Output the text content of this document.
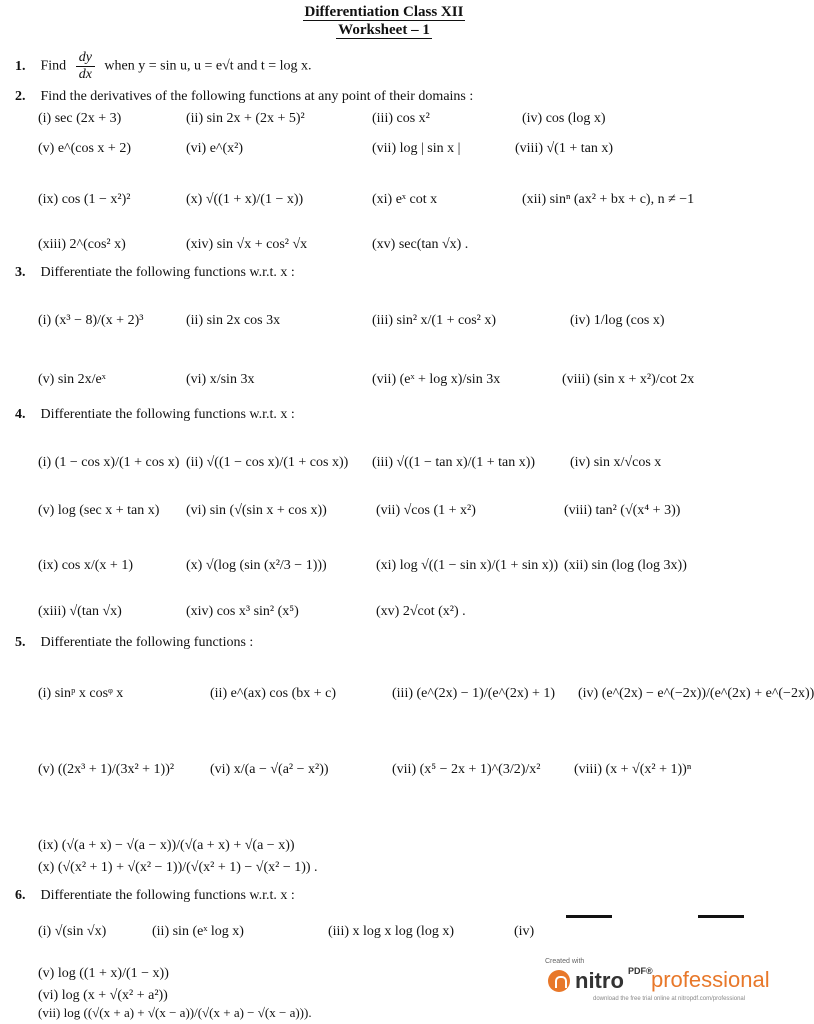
Differentiation Class XII
Worksheet – 1
1. Find $\frac{dy}{dx}$ when y = sin u, u = e√t and t = log x.
2. Find the derivatives of the following functions at any point of their domains :
(i) sec (2x + 3)	(ii) sin 2x + (2x + 5)²	(iii) cos x²	(iv) cos (log x)
(v) e^(cos x + 2)	(vi) e^(x²)	(vii) log | sin x |	(viii) √(1 + tan x)
(ix) cos (1 − x²)²	(x) √((1 + x)/(1 − x))	(xi) eˣ cot x	(xii) sinⁿ (ax² + bx + c), n ≠ −1
(xiii) 2^(cos² x)	(xiv) sin √x + cos² √x	(xv) sec(tan √x) .
3. Differentiate the following functions w.r.t. x :
(i) (x³ − 8)/(x + 2)³	(ii) sin 2x cos 3x	(iii) sin² x/(1 + cos² x)	(iv) 1/log (cos x)
(v) sin 2x/eˣ	(vi) x/sin 3x	(vii) (eˣ + log x)/sin 3x	(viii) (sin x + x²)/cot 2x
4. Differentiate the following functions w.r.t. x :
(i) (1 − cos x)/(1 + cos x) (ii) √((1 − cos x)/(1 + cos x)) (iii) √((1 − tan x)/(1 + tan x)) (iv) sin x/√cos x
(v) log (sec x + tan x) (vi) sin (√(sin x + cos x))	(vii) √cos (1 + x²)	(viii) tan² (√(x⁴ + 3))
(ix) cos x/(x + 1)	(x) √(log (sin (x²/3 − 1)))	(xi) log √((1 − sin x)/(1 + sin x)) (xii) sin (log (log 3x))
(xiii) √(tan √x)	(xiv) cos x³ sin² (x⁵)	(xv) 2√cot (x²) .
5. Differentiate the following functions :
(i) sinᵖ x cosᵠ x	(ii) e^(ax) cos (bx + c)	(iii) (e^(2x) − 1)/(e^(2x) + 1) (iv) (e^(2x) − e^(−2x))/(e^(2x) + e^(−2x))
(v) ((2x³ + 1)/(3x² + 1))²	(vi) x/(a − √(a² − x²))	(vii) (x⁵ − 2x + 1)^(3/2)/x² (viii) (x + √(x² + 1))ⁿ
(ix) (√(a + x) − √(a − x))/(√(a + x) + √(a − x))
(x) (√(x² + 1) + √(x² − 1))/(√(x² + 1) − √(x² − 1)) .
6. Differentiate the following functions w.r.t. x :
(i) √(sin √x)	(ii) sin (eˣ log x)	(iii) x log x log (log x)	(iv)
(v) log ((1 + x)/(1 − x))
(vi) log (x + √(x² + a²))
(vii) log ((√(x + a) + √(x − a))/(√(x + a) − √(x − a))).
Created with
nitro PDF®
professional
download the free trial online at nitropdf.com/professional
